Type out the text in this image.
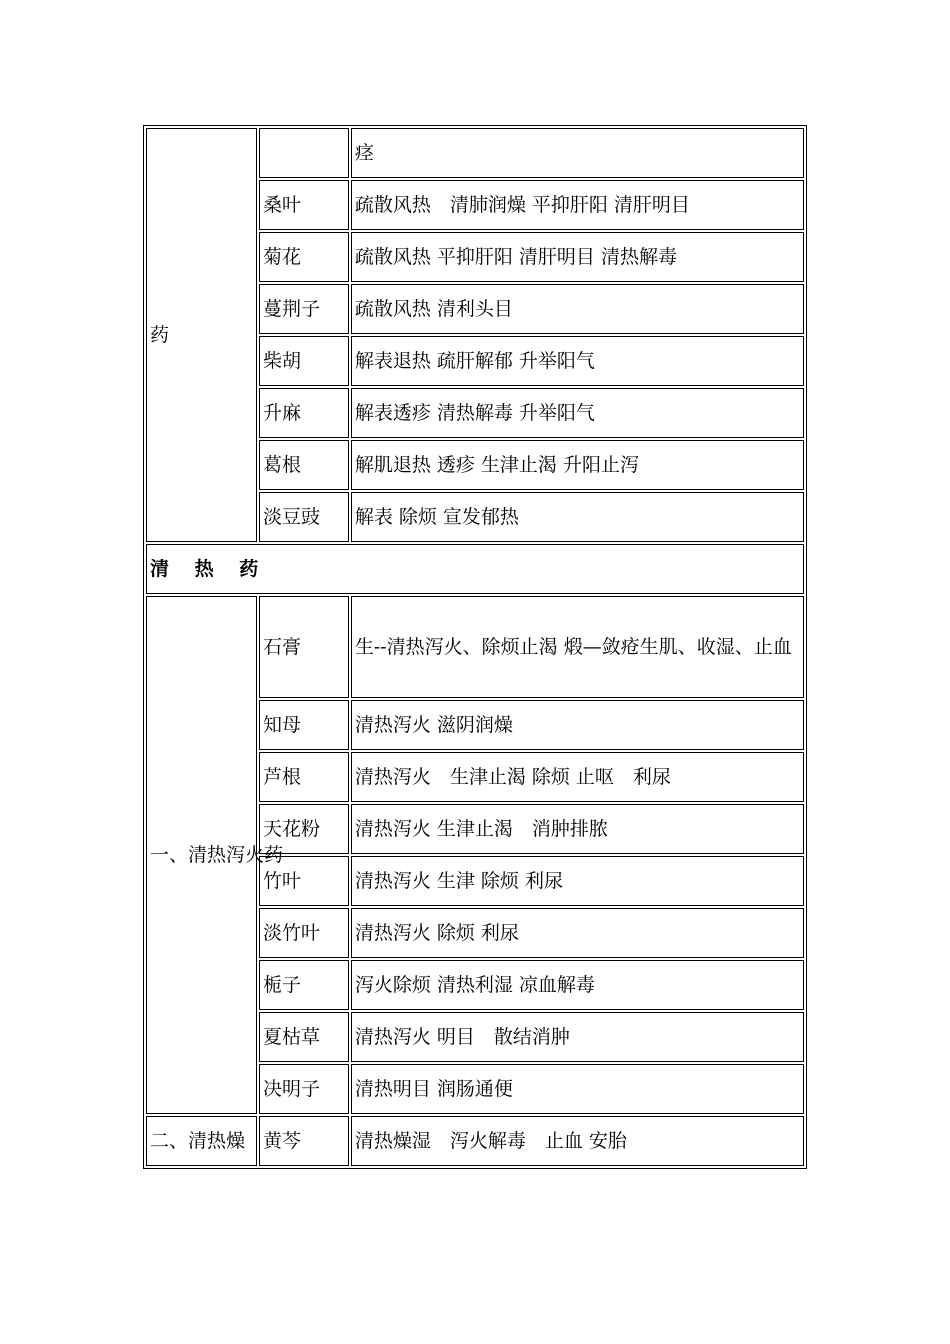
药		痉
	桑叶	疏散风热　清肺润燥 平抑肝阳 清肝明目
	菊花	疏散风热 平抑肝阳 清肝明目 清热解毒
	蔓荆子	疏散风热 清利头目
	柴胡	解表退热 疏肝解郁 升举阳气
	升麻	解表透疹 清热解毒 升举阳气
	葛根	解肌退热 透疹 生津止渴 升阳止泻
	淡豆豉	解表 除烦 宣发郁热
清 热 药		
一、清热泻火药	石膏	生--清热泻火、除烦止渴 煅—敛疮生肌、收湿、止血
	知母	清热泻火 滋阴润燥
	芦根	清热泻火　生津止渴 除烦 止呕　利尿
	天花粉	清热泻火 生津止渴　消肿排脓
	竹叶	清热泻火 生津 除烦 利尿
	淡竹叶	清热泻火 除烦 利尿
	栀子	泻火除烦 清热利湿 凉血解毒
	夏枯草	清热泻火 明目　散结消肿
	决明子	清热明目 润肠通便
二、清热燥	黄芩	清热燥湿　泻火解毒　止血 安胎
